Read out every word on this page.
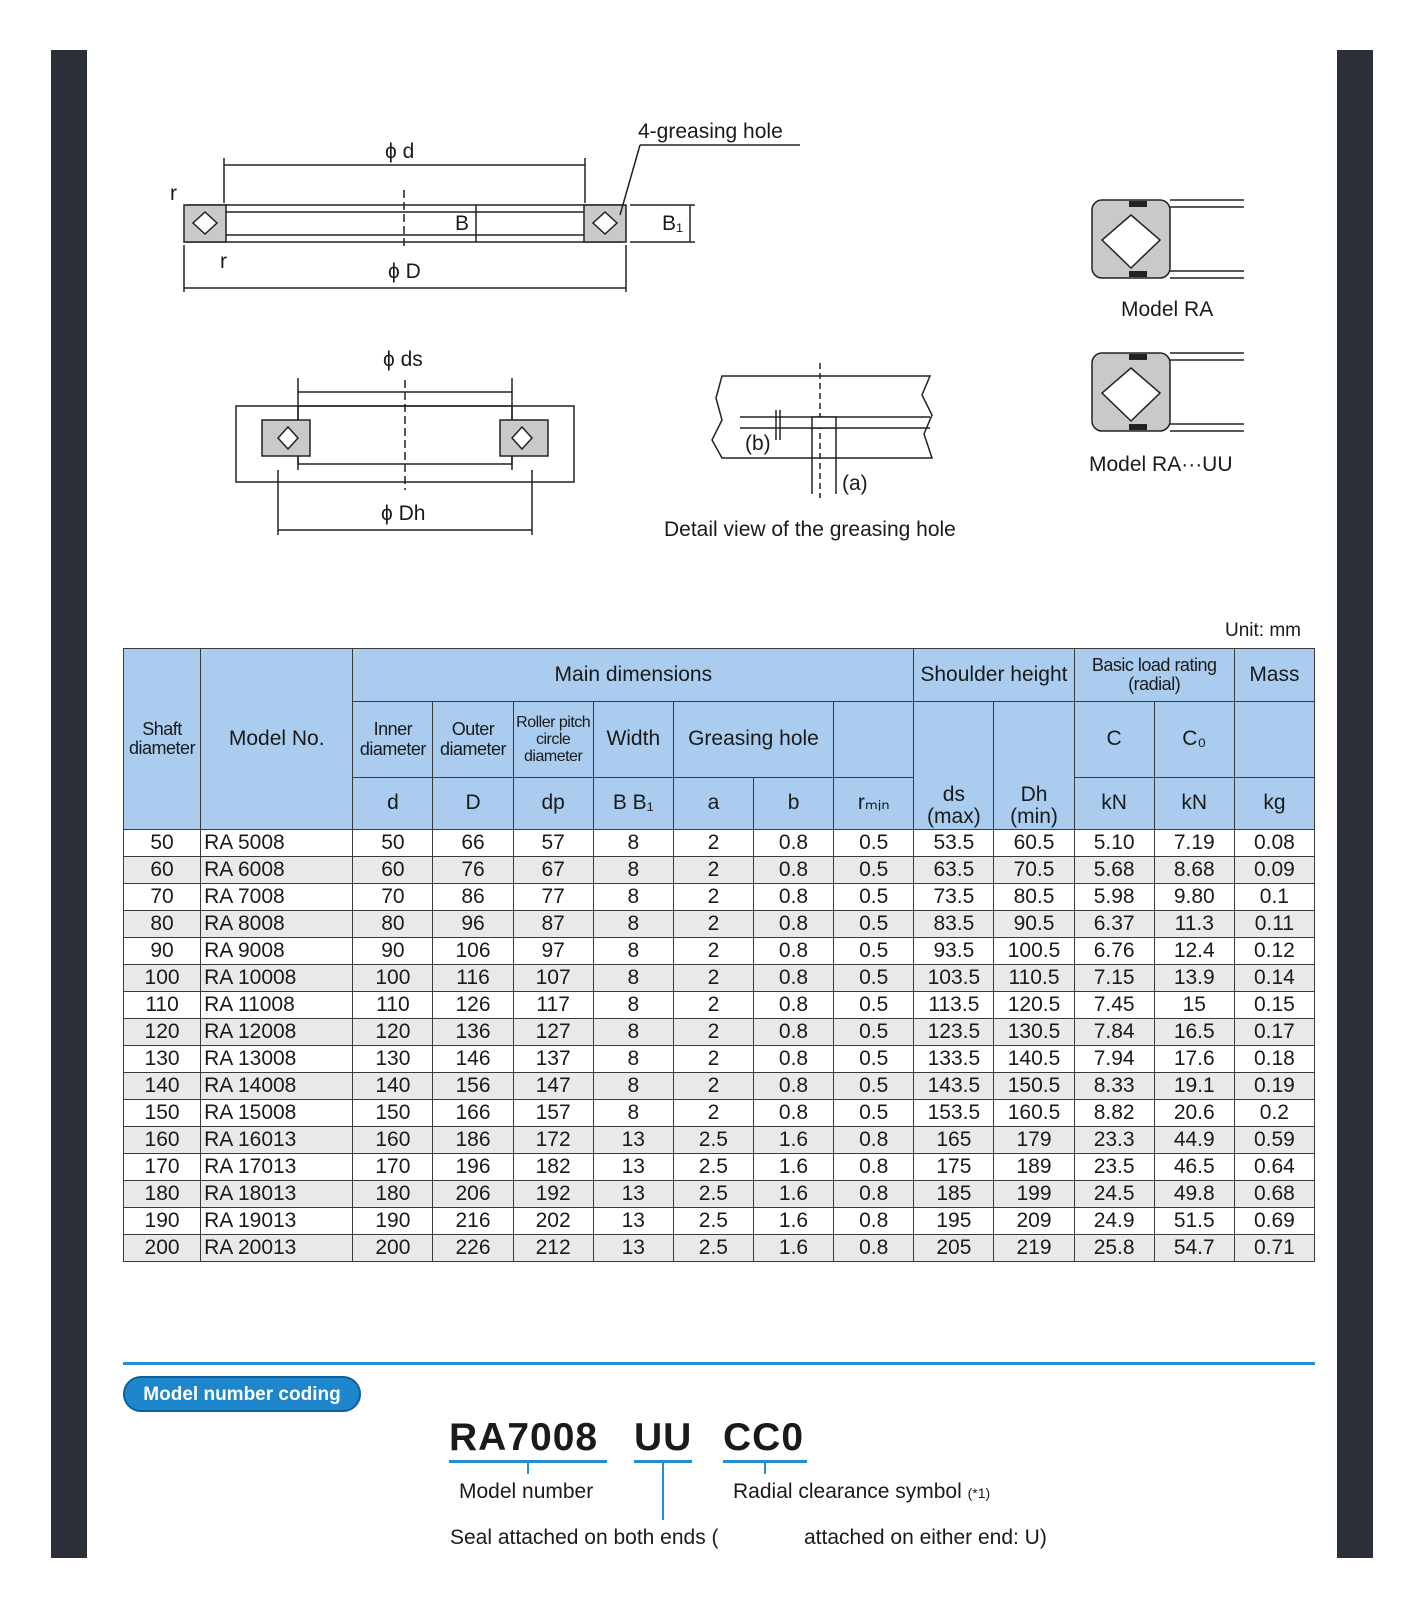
ϕ d
4-greasing hole
r
B	B₁
r	ϕ D
ϕ ds
ϕ Dh
(b)
(a)
Detail view of the greasing hole
Model RA
Model RA···UU
Unit: mm
Shaft diameter	Model No.	Main dimensions							Shoulder height		Basic load rating (radial)		Mass
		Inner diameter	Outer diameter	Roller pitch circle diameter	Width	Greasing hole			ds (max)	Dh (min)	C	C₀	
		d	D	dp	B B₁	a	b	rₘᵢₙ			kN	kN	kg
50	RA 5008	50	66	57	8	2	0.8	0.5	53.5	60.5	5.10	7.19	0.08
60	RA 6008	60	76	67	8	2	0.8	0.5	63.5	70.5	5.68	8.68	0.09
70	RA 7008	70	86	77	8	2	0.8	0.5	73.5	80.5	5.98	9.80	0.1
80	RA 8008	80	96	87	8	2	0.8	0.5	83.5	90.5	6.37	11.3	0.11
90	RA 9008	90	106	97	8	2	0.8	0.5	93.5	100.5	6.76	12.4	0.12
100	RA 10008	100	116	107	8	2	0.8	0.5	103.5	110.5	7.15	13.9	0.14
110	RA 11008	110	126	117	8	2	0.8	0.5	113.5	120.5	7.45	15	0.15
120	RA 12008	120	136	127	8	2	0.8	0.5	123.5	130.5	7.84	16.5	0.17
130	RA 13008	130	146	137	8	2	0.8	0.5	133.5	140.5	7.94	17.6	0.18
140	RA 14008	140	156	147	8	2	0.8	0.5	143.5	150.5	8.33	19.1	0.19
150	RA 15008	150	166	157	8	2	0.8	0.5	153.5	160.5	8.82	20.6	0.2
160	RA 16013	160	186	172	13	2.5	1.6	0.8	165	179	23.3	44.9	0.59
170	RA 17013	170	196	182	13	2.5	1.6	0.8	175	189	23.5	46.5	0.64
180	RA 18013	180	206	192	13	2.5	1.6	0.8	185	199	24.5	49.8	0.68
190	RA 19013	190	216	202	13	2.5	1.6	0.8	195	209	24.9	51.5	0.69
200	RA 20013	200	226	212	13	2.5	1.6	0.8	205	219	25.8	54.7	0.71
Model number coding
RA7008 UU CC0
Model number	Radial clearance symbol (*1)
Seal attached on both ends (	attached on either end: U)
